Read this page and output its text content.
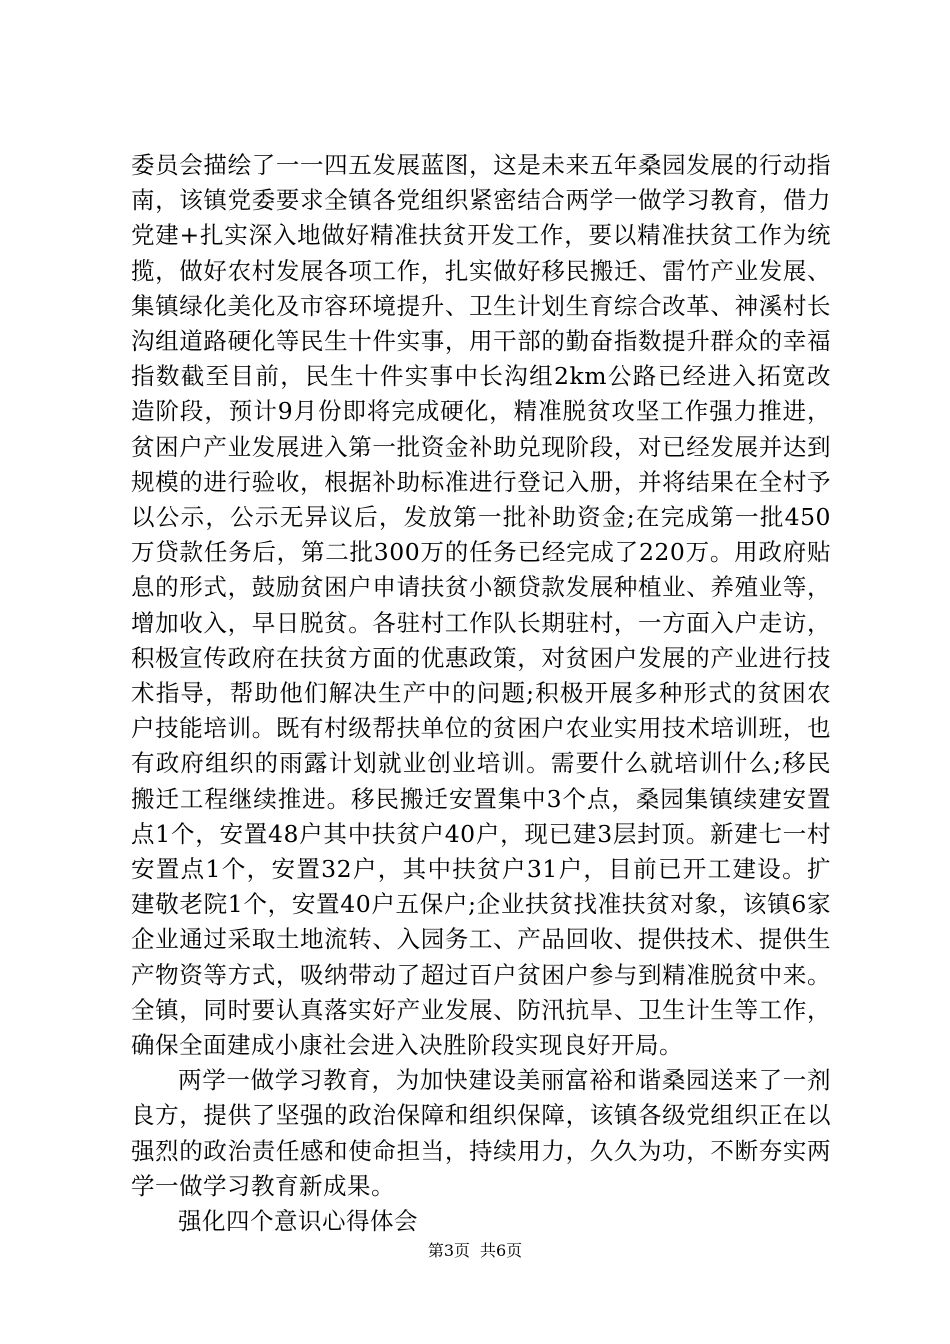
委员会描绘了一一四五发展蓝图，这是未来五年桑园发展的行动指南，该镇党委要求全镇各党组织紧密结合两学一做学习教育，借力党建+扎实深入地做好精准扶贫开发工作，要以精准扶贫工作为统揽，做好农村发展各项工作，扎实做好移民搬迁、雷竹产业发展、集镇绿化美化及市容环境提升、卫生计划生育综合改革、神溪村长沟组道路硬化等民生十件实事，用干部的勤奋指数提升群众的幸福指数截至目前，民生十件实事中长沟组2km公路已经进入拓宽改造阶段，预计9月份即将完成硬化，精准脱贫攻坚工作强力推进，贫困户产业发展进入第一批资金补助兑现阶段，对已经发展并达到规模的进行验收，根据补助标准进行登记入册，并将结果在全村予以公示，公示无异议后，发放第一批补助资金;在完成第一批450万贷款任务后，第二批300万的任务已经完成了220万。用政府贴息的形式，鼓励贫困户申请扶贫小额贷款发展种植业、养殖业等，增加收入，早日脱贫。各驻村工作队长期驻村，一方面入户走访，积极宣传政府在扶贫方面的优惠政策，对贫困户发展的产业进行技术指导，帮助他们解决生产中的问题;积极开展多种形式的贫困农户技能培训。既有村级帮扶单位的贫困户农业实用技术培训班，也有政府组织的雨露计划就业创业培训。需要什么就培训什么;移民搬迁工程继续推进。移民搬迁安置集中3个点，桑园集镇续建安置点1个，安置48户其中扶贫户40户，现已建3层封顶。新建七一村安置点1个，安置32户，其中扶贫户31户，目前已开工建设。扩建敬老院1个，安置40户五保户;企业扶贫找准扶贫对象，该镇6家企业通过采取土地流转、入园务工、产品回收、提供技术、提供生产物资等方式，吸纳带动了超过百户贫困户参与到精准脱贫中来。全镇，同时要认真落实好产业发展、防汛抗旱、卫生计生等工作，确保全面建成小康社会进入决胜阶段实现良好开局。

两学一做学习教育，为加快建设美丽富裕和谐桑园送来了一剂良方，提供了坚强的政治保障和组织保障，该镇各级党组织正在以强烈的政治责任感和使命担当，持续用力，久久为功，不断夯实两学一做学习教育新成果。

强化四个意识心得体会

第3页 共6页
